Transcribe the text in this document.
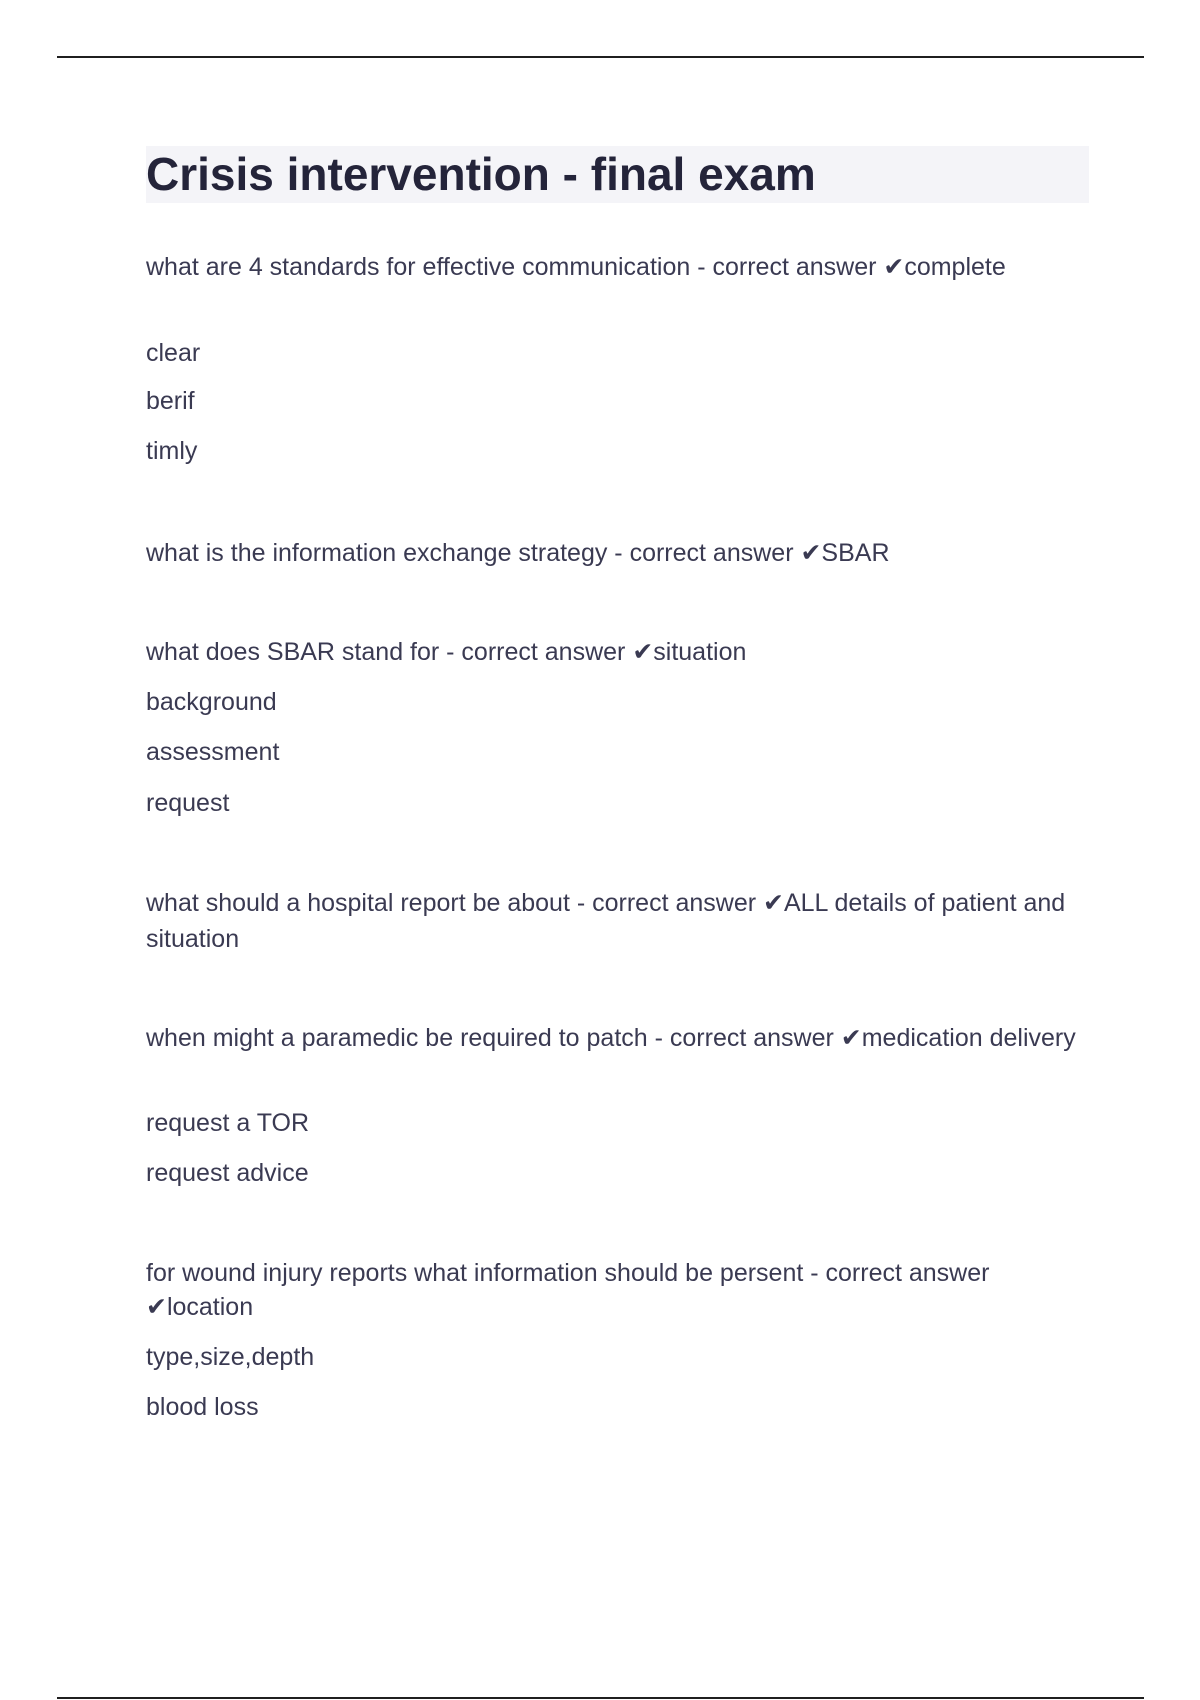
Crisis intervention - final exam

what are 4 standards for effective communication - correct answer ✔complete

clear

berif

timly

what is the information exchange strategy - correct answer ✔SBAR

what does SBAR stand for - correct answer ✔situation

background

assessment

request

what should a hospital report be about - correct answer ✔ALL details of patient and situation

when might a paramedic be required to patch - correct answer ✔medication delivery

request a TOR

request advice

for wound injury reports what information should be persent - correct answer ✔location

type,size,depth

blood loss
